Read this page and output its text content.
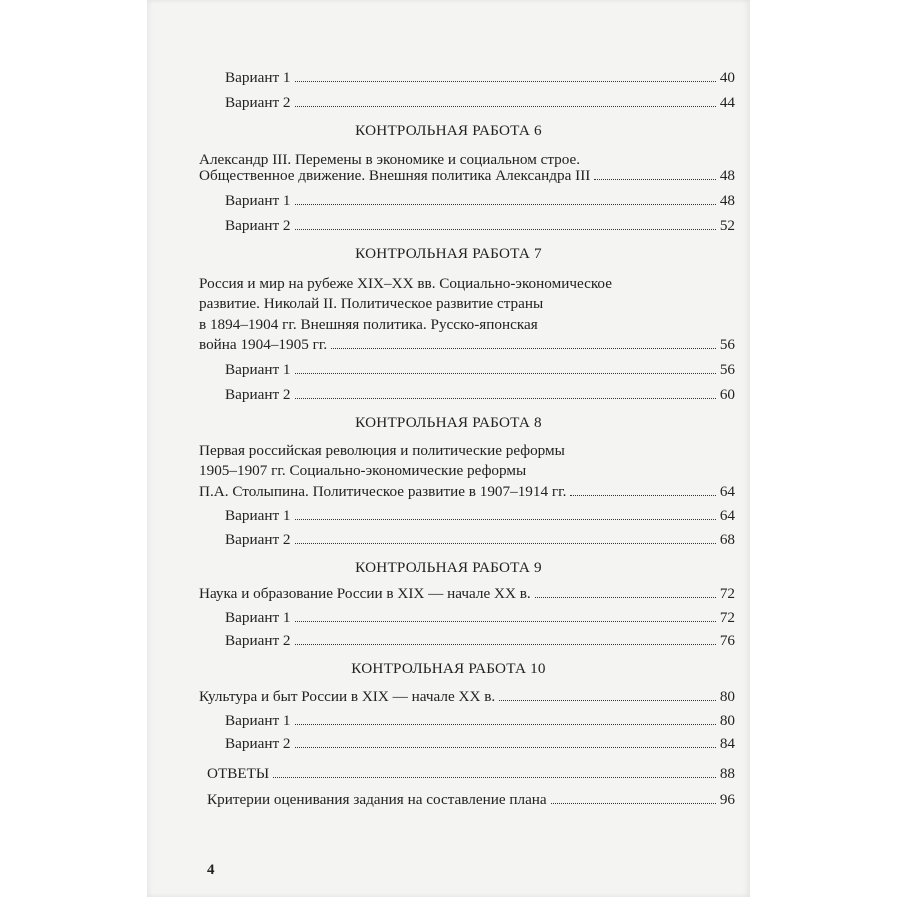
Вариант 1	40
Вариант 2	44
КОНТРОЛЬНАЯ РАБОТА 6
Александр III. Перемены в экономике и социальном строе.
Общественное движение. Внешняя политика Александра III	48
Вариант 1	48
Вариант 2	52
КОНТРОЛЬНАЯ РАБОТА 7
Россия и мир на рубеже XIX–XX вв. Социально-экономическое
развитие. Николай II. Политическое развитие страны
в 1894–1904 гг. Внешняя политика. Русско-японская
война 1904–1905 гг.	56
Вариант 1	56
Вариант 2	60
КОНТРОЛЬНАЯ РАБОТА 8
Первая российская революция и политические реформы
1905–1907 гг. Социально-экономические реформы
П.А. Столыпина. Политическое развитие в 1907–1914 гг.	64
Вариант 1	64
Вариант 2	68
КОНТРОЛЬНАЯ РАБОТА 9
Наука и образование России в XIX — начале XX в.	72
Вариант 1	72
Вариант 2	76
КОНТРОЛЬНАЯ РАБОТА 10
Культура и быт России в XIX — начале XX в.	80
Вариант 1	80
Вариант 2	84
ОТВЕТЫ	88
Критерии оценивания задания на составление плана	96
4
